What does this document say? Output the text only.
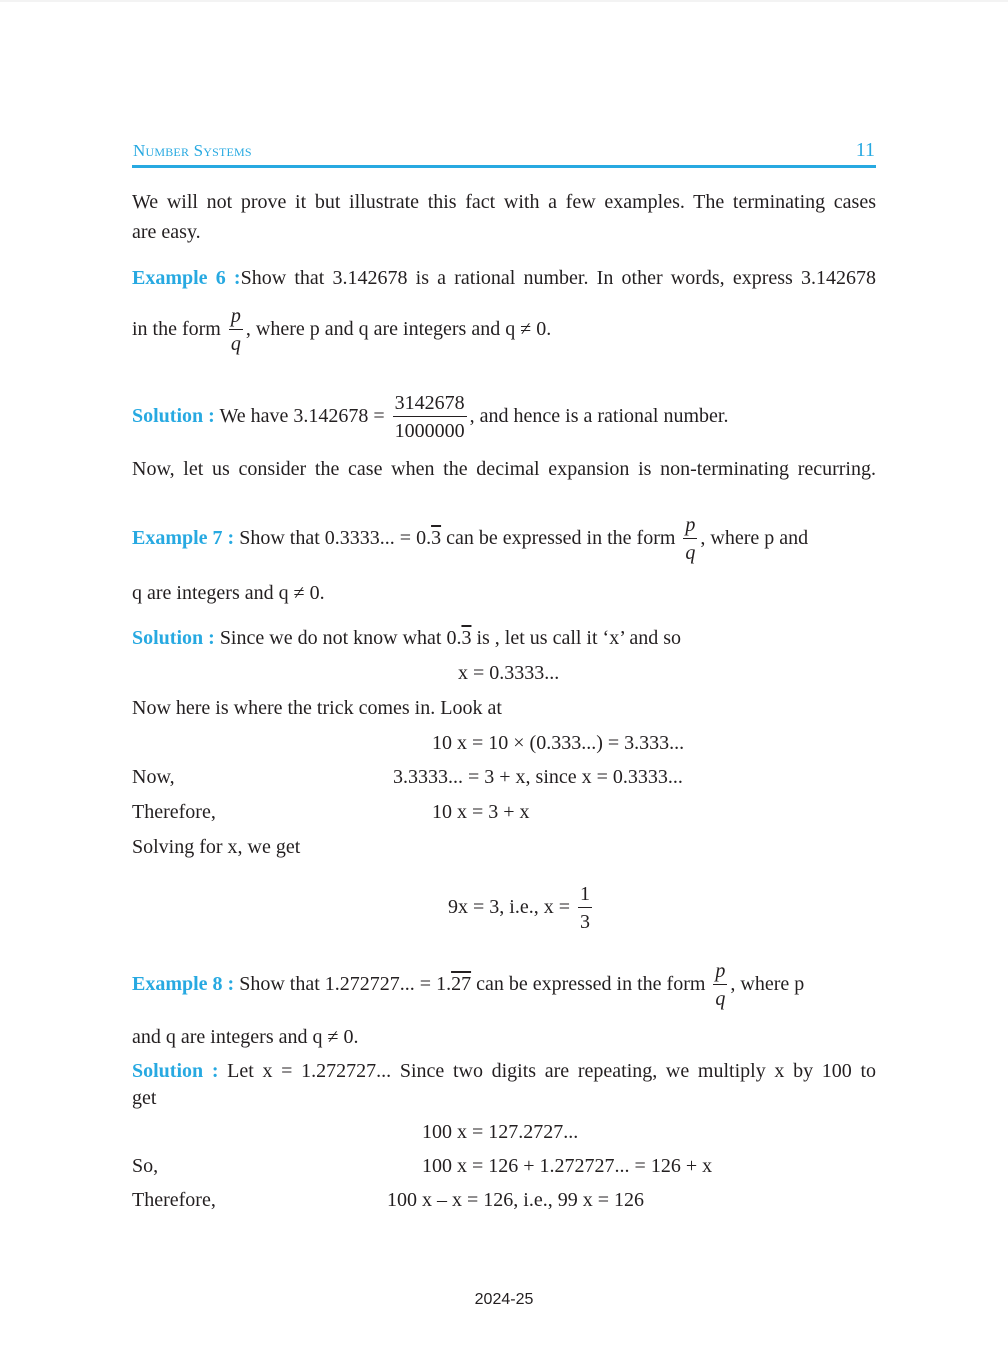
Number Systems	11
We will not prove it but illustrate this fact with a few examples. The terminating cases
are easy.
Example 6 :Show that 3.142678 is a rational number. In other words, express 3.142678
in the form $\frac{p}{q}$ , where p and q are integers and q ≠ 0.
Solution : We have $3.142678 = \frac{3142678}{1000000}$ , and hence is a rational number.
Now, let us consider the case when the decimal expansion is non-terminating recurring.
Example 7 : Show that 0.3333... = 0.3 can be expressed in the form $\frac{p}{q}$ , where p and
q are integers and q ≠ 0.
Solution : Since we do not know what 0.3 is , let us call it ‘x’ and so
x = 0.3333...
Now here is where the trick comes in. Look at
10 x = 10 × (0.333...) = 3.333...
Now,	3.3333... = 3 + x, since x = 0.3333...
Therefore,	10 x = 3 + x
Solving for x, we get
9x = 3, i.e., $x = \frac{1}{3}$
Example 8 : Show that 1.272727... = 1.27 can be expressed in the form $\frac{p}{q}$ , where p
and q are integers and q ≠ 0.
Solution : Let x = 1.272727... Since two digits are repeating, we multiply x by 100 to
get
100 x = 127.2727...
So,	100 x = 126 + 1.272727... = 126 + x
Therefore,	100 x – x = 126, i.e., 99 x = 126
2024-25
